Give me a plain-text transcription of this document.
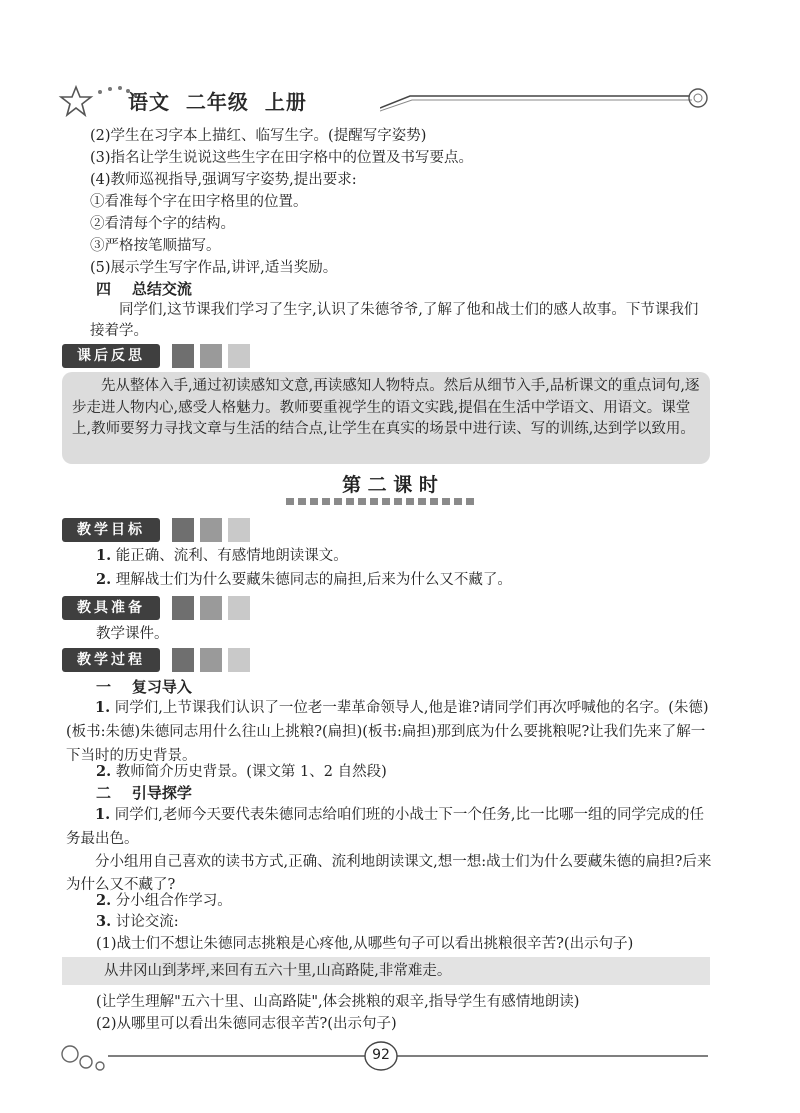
语文  二年级  上册
(2)学生在习字本上描红、临写生字。(提醒写字姿势)
(3)指名让学生说说这些生字在田字格中的位置及书写要点。
(4)教师巡视指导,强调写字姿势,提出要求:
①看准每个字在田字格里的位置。
②看清每个字的结构。
③严格按笔顺描写。
(5)展示学生写字作品,讲评,适当奖励。
四    总结交流
同学们,这节课我们学习了生字,认识了朱德爷爷,了解了他和战士们的感人故事。下节课我们接着学。
课后反思
先从整体入手,通过初读感知文意,再读感知人物特点。然后从细节入手,品析课文的重点词句,逐步走进人物内心,感受人格魅力。教师要重视学生的语文实践,提倡在生活中学语文、用语文。课堂上,教师要努力寻找文章与生活的结合点,让学生在真实的场景中进行读、写的训练,达到学以致用。
第 二 课 时
教学目标
1. 能正确、流利、有感情地朗读课文。
2. 理解战士们为什么要藏朱德同志的扁担,后来为什么又不藏了。
教具准备
教学课件。
教学过程
一    复习导入
1. 同学们,上节课我们认识了一位老一辈革命领导人,他是谁?请同学们再次呼喊他的名字。(朱德)(板书:朱德)朱德同志用什么往山上挑粮?(扁担)(板书:扁担)那到底为什么要挑粮呢?让我们先来了解一下当时的历史背景。
2. 教师简介历史背景。(课文第 1、2 自然段)
二    引导探学
1. 同学们,老师今天要代表朱德同志给咱们班的小战士下一个任务,比一比哪一组的同学完成的任务最出色。
分小组用自己喜欢的读书方式,正确、流利地朗读课文,想一想:战士们为什么要藏朱德的扁担?后来为什么又不藏了?
2. 分小组合作学习。
3. 讨论交流:
(1)战士们不想让朱德同志挑粮是心疼他,从哪些句子可以看出挑粮很辛苦?(出示句子)
从井冈山到茅坪,来回有五六十里,山高路陡,非常难走。
(让学生理解"五六十里、山高路陡",体会挑粮的艰辛,指导学生有感情地朗读)
(2)从哪里可以看出朱德同志很辛苦?(出示句子)
92
